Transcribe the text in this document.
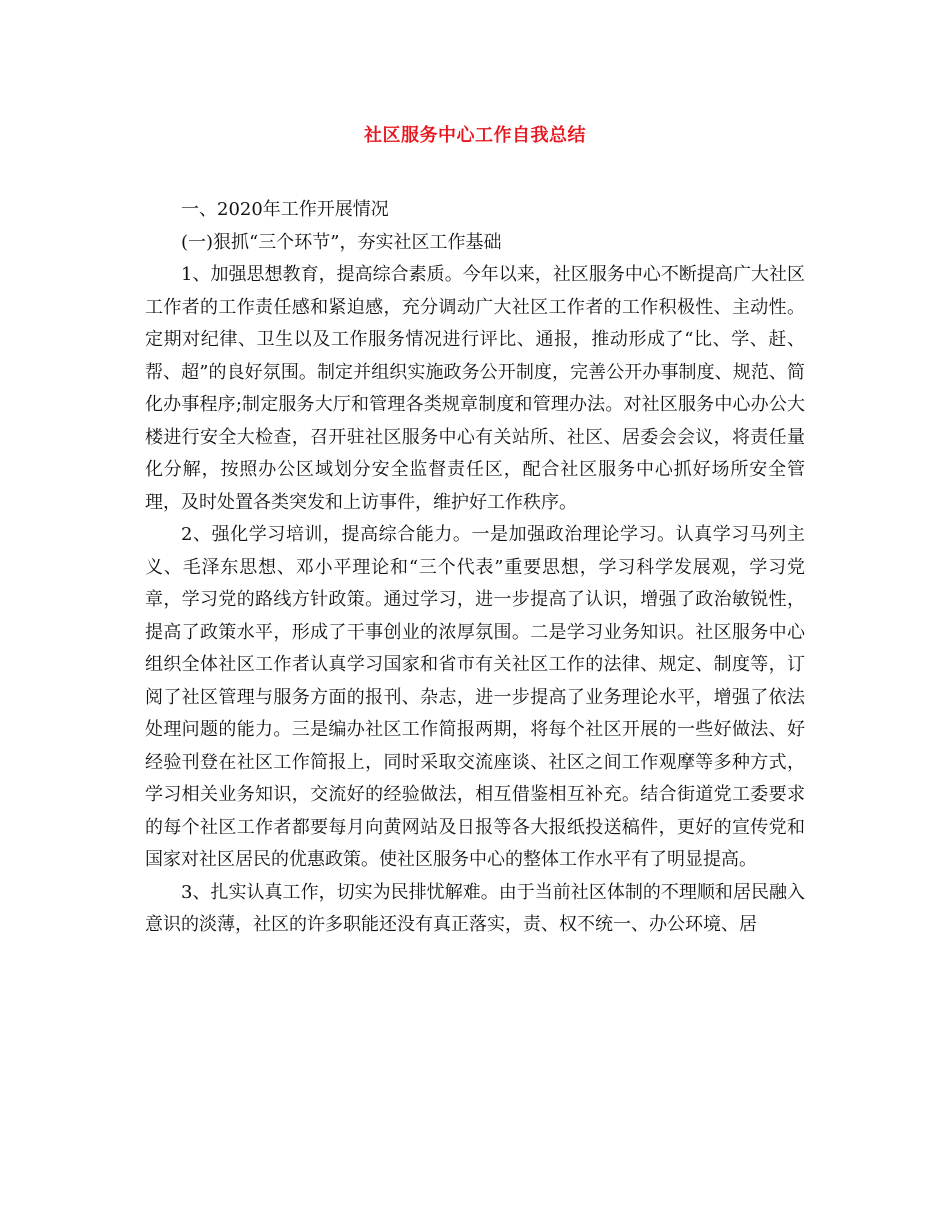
社区服务中心工作自我总结

一、2020年工作开展情况

(一)狠抓“三个环节”，夯实社区工作基础

1、加强思想教育，提高综合素质。今年以来，社区服务中心不断提高广大社区工作者的工作责任感和紧迫感，充分调动广大社区工作者的工作积极性、主动性。定期对纪律、卫生以及工作服务情况进行评比、通报，推动形成了“比、学、赶、帮、超”的良好氛围。制定并组织实施政务公开制度，完善公开办事制度、规范、简化办事程序;制定服务大厅和管理各类规章制度和管理办法。对社区服务中心办公大楼进行安全大检查，召开驻社区服务中心有关站所、社区、居委会会议，将责任量化分解，按照办公区域划分安全监督责任区，配合社区服务中心抓好场所安全管理，及时处置各类突发和上访事件，维护好工作秩序。

2、强化学习培训，提高综合能力。一是加强政治理论学习。认真学习马列主义、毛泽东思想、邓小平理论和“三个代表”重要思想，学习科学发展观，学习党章，学习党的路线方针政策。通过学习，进一步提高了认识，增强了政治敏锐性，提高了政策水平，形成了干事创业的浓厚氛围。二是学习业务知识。社区服务中心组织全体社区工作者认真学习国家和省市有关社区工作的法律、规定、制度等，订阅了社区管理与服务方面的报刊、杂志，进一步提高了业务理论水平，增强了依法处理问题的能力。三是编办社区工作简报两期，将每个社区开展的一些好做法、好经验刊登在社区工作简报上，同时采取交流座谈、社区之间工作观摩等多种方式，学习相关业务知识，交流好的经验做法，相互借鉴相互补充。结合街道党工委要求的每个社区工作者都要每月向黄网站及日报等各大报纸投送稿件，更好的宣传党和国家对社区居民的优惠政策。使社区服务中心的整体工作水平有了明显提高。

3、扎实认真工作，切实为民排忧解难。由于当前社区体制的不理顺和居民融入意识的淡薄，社区的许多职能还没有真正落实，责、权不统一、办公环境、居
